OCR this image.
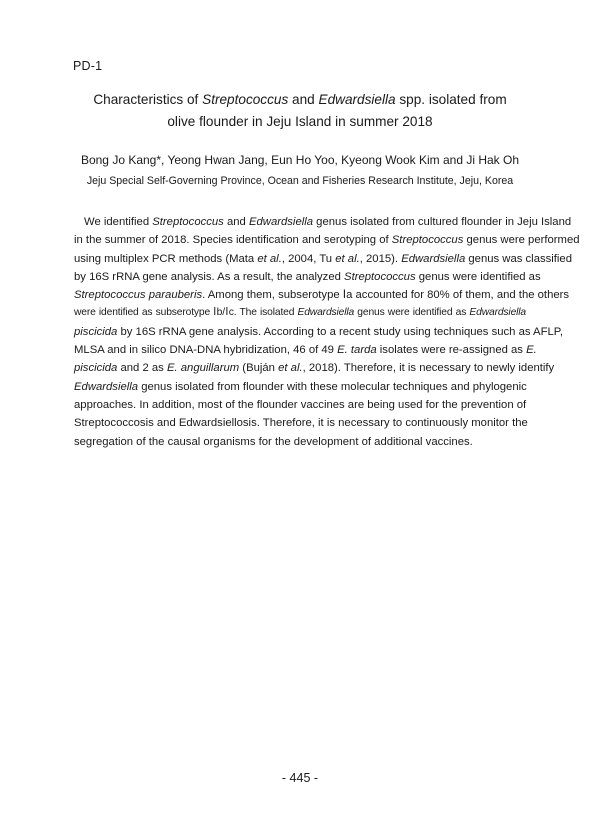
PD-1
Characteristics of Streptococcus and Edwardsiella spp. isolated from
olive flounder in Jeju Island in summer 2018
Bong Jo Kang*, Yeong Hwan Jang, Eun Ho Yoo, Kyeong Wook Kim and Ji Hak Oh
Jeju Special Self-Governing Province, Ocean and Fisheries Research Institute, Jeju, Korea
We identified Streptococcus and Edwardsiella genus isolated from cultured flounder in Jeju Island
in the summer of 2018. Species identification and serotyping of Streptococcus genus were performed
using multiplex PCR methods (Mata et al., 2004, Tu et al., 2015). Edwardsiella genus was classified
by 16S rRNA gene analysis. As a result, the analyzed Streptococcus genus were identified as
Streptococcus parauberis. Among them, subserotype Ⅰa accounted for 80% of them, and the others
were identified as subserotype Ⅰb/Ⅰc. The isolated Edwardsiella genus were identified as Edwardsiella
piscicida by 16S rRNA gene analysis. According to a recent study using techniques such as AFLP,
MLSA and in silico DNA-DNA hybridization, 46 of 49 E. tarda isolates were re-assigned as E.
piscicida and 2 as E. anguillarum (Buján et al., 2018). Therefore, it is necessary to newly identify
Edwardsiella genus isolated from flounder with these molecular techniques and phylogenic
approaches. In addition, most of the flounder vaccines are being used for the prevention of
Streptococcosis and Edwardsiellosis. Therefore, it is necessary to continuously monitor the
segregation of the causal organisms for the development of additional vaccines.
- 445 -
